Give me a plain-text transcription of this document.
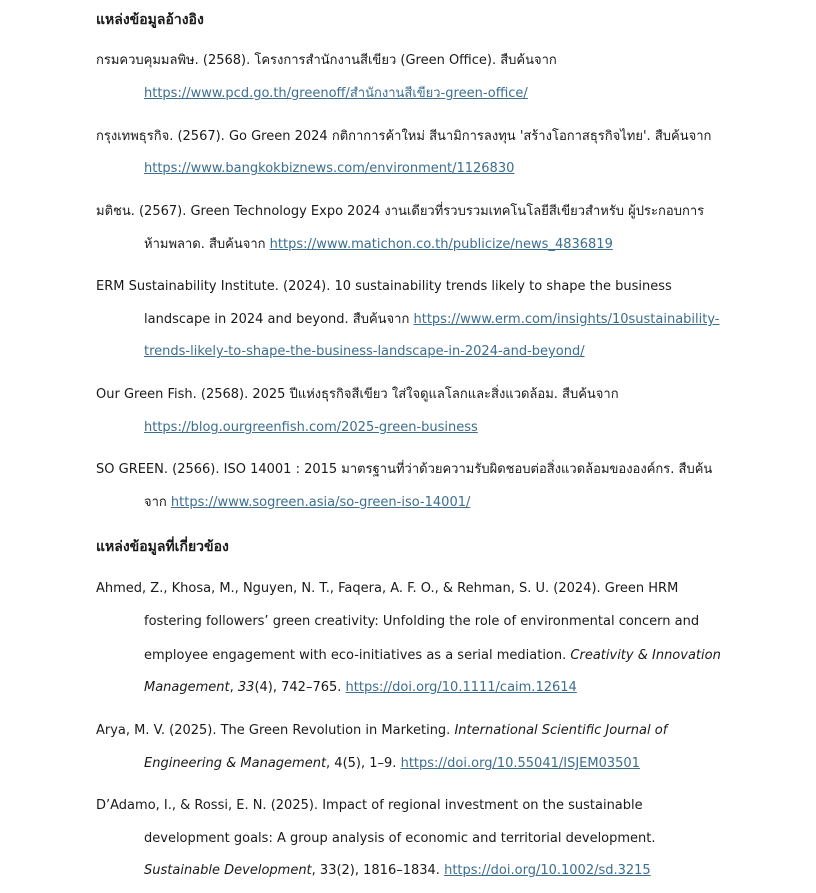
แหล่งข้อมูลอ้างอิง
กรมควบคุมมลพิษ. (2568). โครงการสำนักงานสีเขียว (Green Office). สืบค้นจาก
https://www.pcd.go.th/greenoff/สำนักงานสีเขียว-green-office/
กรุงเทพธุรกิจ. (2567). Go Green 2024 กติกาการค้าใหม่ สีนามิการลงทุน 'สร้างโอกาสธุรกิจไทย'. สืบค้นจาก
https://www.bangkokbiznews.com/environment/1126830
มติชน. (2567). Green Technology Expo 2024 งานเดียวที่รวบรวมเทคโนโลยีสีเขียวสำหรับ ผู้ประกอบการ
ห้ามพลาด. สืบค้นจาก https://www.matichon.co.th/publicize/news_4836819
ERM Sustainability Institute. (2024). 10 sustainability trends likely to shape the business
landscape in 2024 and beyond. สืบค้นจาก https://www.erm.com/insights/10sustainability-
trends-likely-to-shape-the-business-landscape-in-2024-and-beyond/
Our Green Fish. (2568). 2025 ปีแห่งธุรกิจสีเขียว ใส่ใจดูแลโลกและสิ่งแวดล้อม. สืบค้นจาก
https://blog.ourgreenfish.com/2025-green-business
SO GREEN. (2566). ISO 14001 : 2015 มาตรฐานที่ว่าด้วยความรับผิดชอบต่อสิ่งแวดล้อมขององค์กร. สืบค้น
จาก https://www.sogreen.asia/so-green-iso-14001/
แหล่งข้อมูลที่เกี่ยวข้อง
Ahmed, Z., Khosa, M., Nguyen, N. T., Faqera, A. F. O., & Rehman, S. U. (2024). Green HRM
fostering followers’ green creativity: Unfolding the role of environmental concern and
employee engagement with eco-initiatives as a serial mediation. Creativity & Innovation
Management, 33(4), 742–765. https://doi.org/10.1111/caim.12614
Arya, M. V. (2025). The Green Revolution in Marketing. International Scientific Journal of
Engineering & Management, 4(5), 1–9. https://doi.org/10.55041/ISJEM03501
D’Adamo, I., & Rossi, E. N. (2025). Impact of regional investment on the sustainable
development goals: A group analysis of economic and territorial development.
Sustainable Development, 33(2), 1816–1834. https://doi.org/10.1002/sd.3215
